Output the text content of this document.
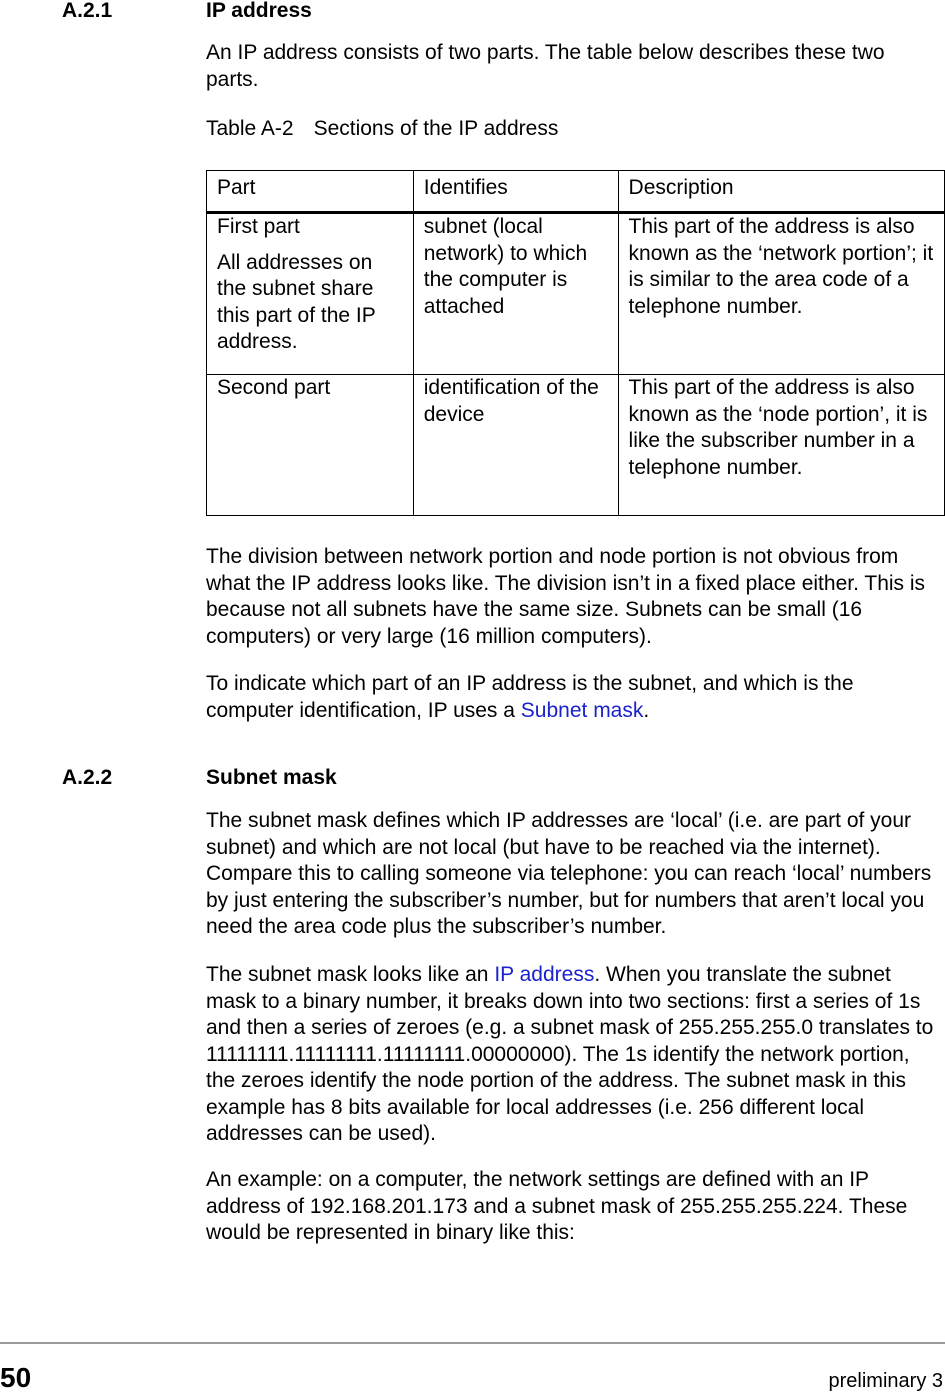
A.2.1	IP address

An IP address consists of two parts. The table below describes these two parts.

Table A-2 Sections of the IP address
Part	Identifies	Description

First part

All addresses on the subnet share this part of the IP address.	subnet (local network) to which the computer is attached	This part of the address is also known as the ‘network portion’; it is similar to the area code of a telephone number.
Second part	identification of the device	This part of the address is also known as the ‘node portion’, it is like the subscriber number in a telephone number.

The division between network portion and node portion is not obvious from what the IP address looks like. The division isn’t in a fixed place either. This is because not all subnets have the same size. Subnets can be small (16 computers) or very large (16 million computers).

To indicate which part of an IP address is the subnet, and which is the computer identification, IP uses a Subnet mask.

A.2.2	Subnet mask

The subnet mask defines which IP addresses are ‘local’ (i.e. are part of your subnet) and which are not local (but have to be reached via the internet). Compare this to calling someone via telephone: you can reach ‘local’ numbers by just entering the subscriber’s number, but for numbers that aren’t local you need the area code plus the subscriber’s number.

The subnet mask looks like an IP address. When you translate the subnet mask to a binary number, it breaks down into two sections: first a series of 1s and then a series of zeroes (e.g. a subnet mask of 255.255.255.0 translates to 11111111.11111111.11111111.00000000). The 1s identify the network portion, the zeroes identify the node portion of the address. The subnet mask in this example has 8 bits available for local addresses (i.e. 256 different local addresses can be used).

An example: on a computer, the network settings are defined with an IP address of 192.168.201.173 and a subnet mask of 255.255.255.224. These would be represented in binary like this:

50	preliminary 3
